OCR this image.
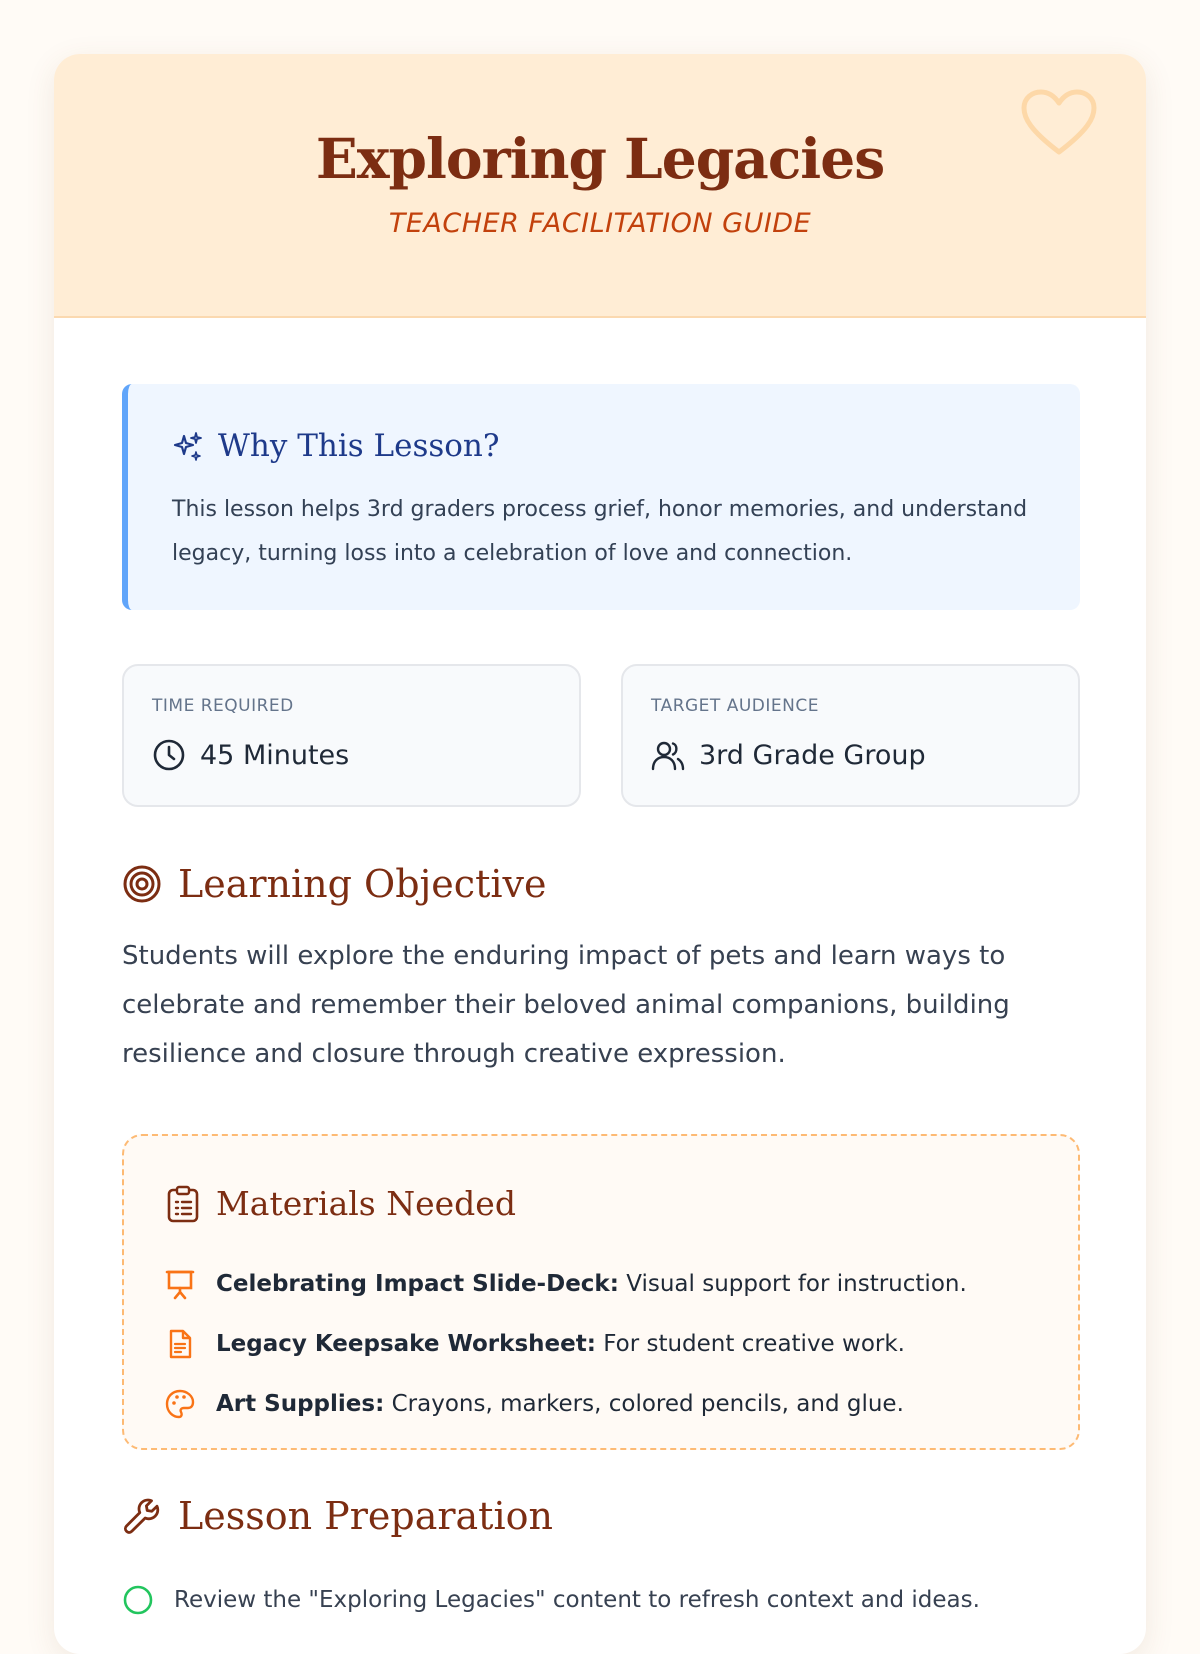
Exploring Legacies
TEACHER FACILITATION GUIDE
Why This Lesson?
This lesson helps 3rd graders process grief, honor memories, and understand legacy, turning loss into a celebration of love and connection.
TIME REQUIRED
45 Minutes
TARGET AUDIENCE
3rd Grade Group
Learning Objective
Students will explore the enduring impact of pets and learn ways to celebrate and remember their beloved animal companions, building resilience and closure through creative expression.
Materials Needed
Celebrating Impact Slide-Deck: Visual support for instruction.
Legacy Keepsake Worksheet: For student creative work.
Art Supplies: Crayons, markers, colored pencils, and glue.
Lesson Preparation
Review the "Exploring Legacies" content to refresh context and ideas.
